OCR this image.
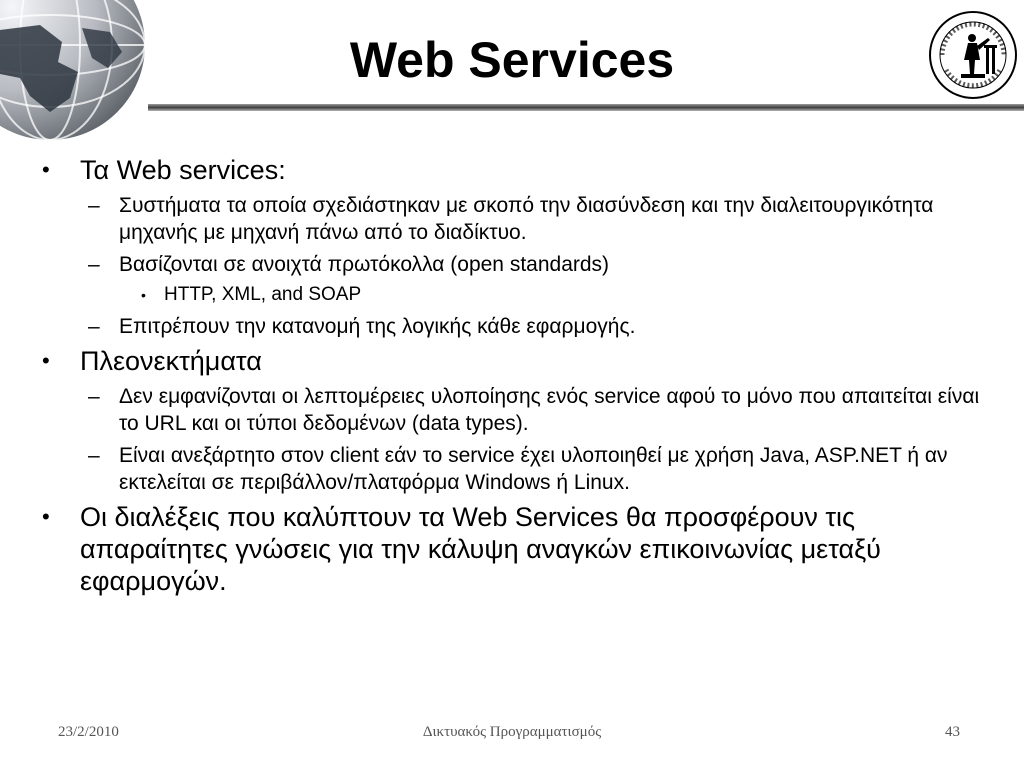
Web Services
• Τα Web services:
– Συστήματα τα οποία σχεδιάστηκαν με σκοπό την διασύνδεση και την διαλειτουργικότητα μηχανής με μηχανή πάνω από το διαδίκτυο.
– Βασίζονται σε ανοιχτά πρωτόκολλα (open standards)
• HTTP, XML, and SOAP
– Επιτρέπουν την κατανομή της λογικής κάθε εφαρμογής.
• Πλεονεκτήματα
– Δεν εμφανίζονται οι λεπτομέρειες υλοποίησης ενός service αφού το μόνο που απαιτείται είναι το URL και οι τύποι δεδομένων (data types).
– Είναι ανεξάρτητο στον client εάν το service έχει υλοποιηθεί με χρήση Java, ASP.NET ή αν εκτελείται σε περιβάλλον/πλατφόρμα Windows ή Linux.
• Οι διαλέξεις που καλύπτουν τα Web Services θα προσφέρουν τις απαραίτητες γνώσεις για την κάλυψη αναγκών επικοινωνίας μεταξύ εφαρμογών.
23/2/2010	Δικτυακός Προγραμματισμός	43
